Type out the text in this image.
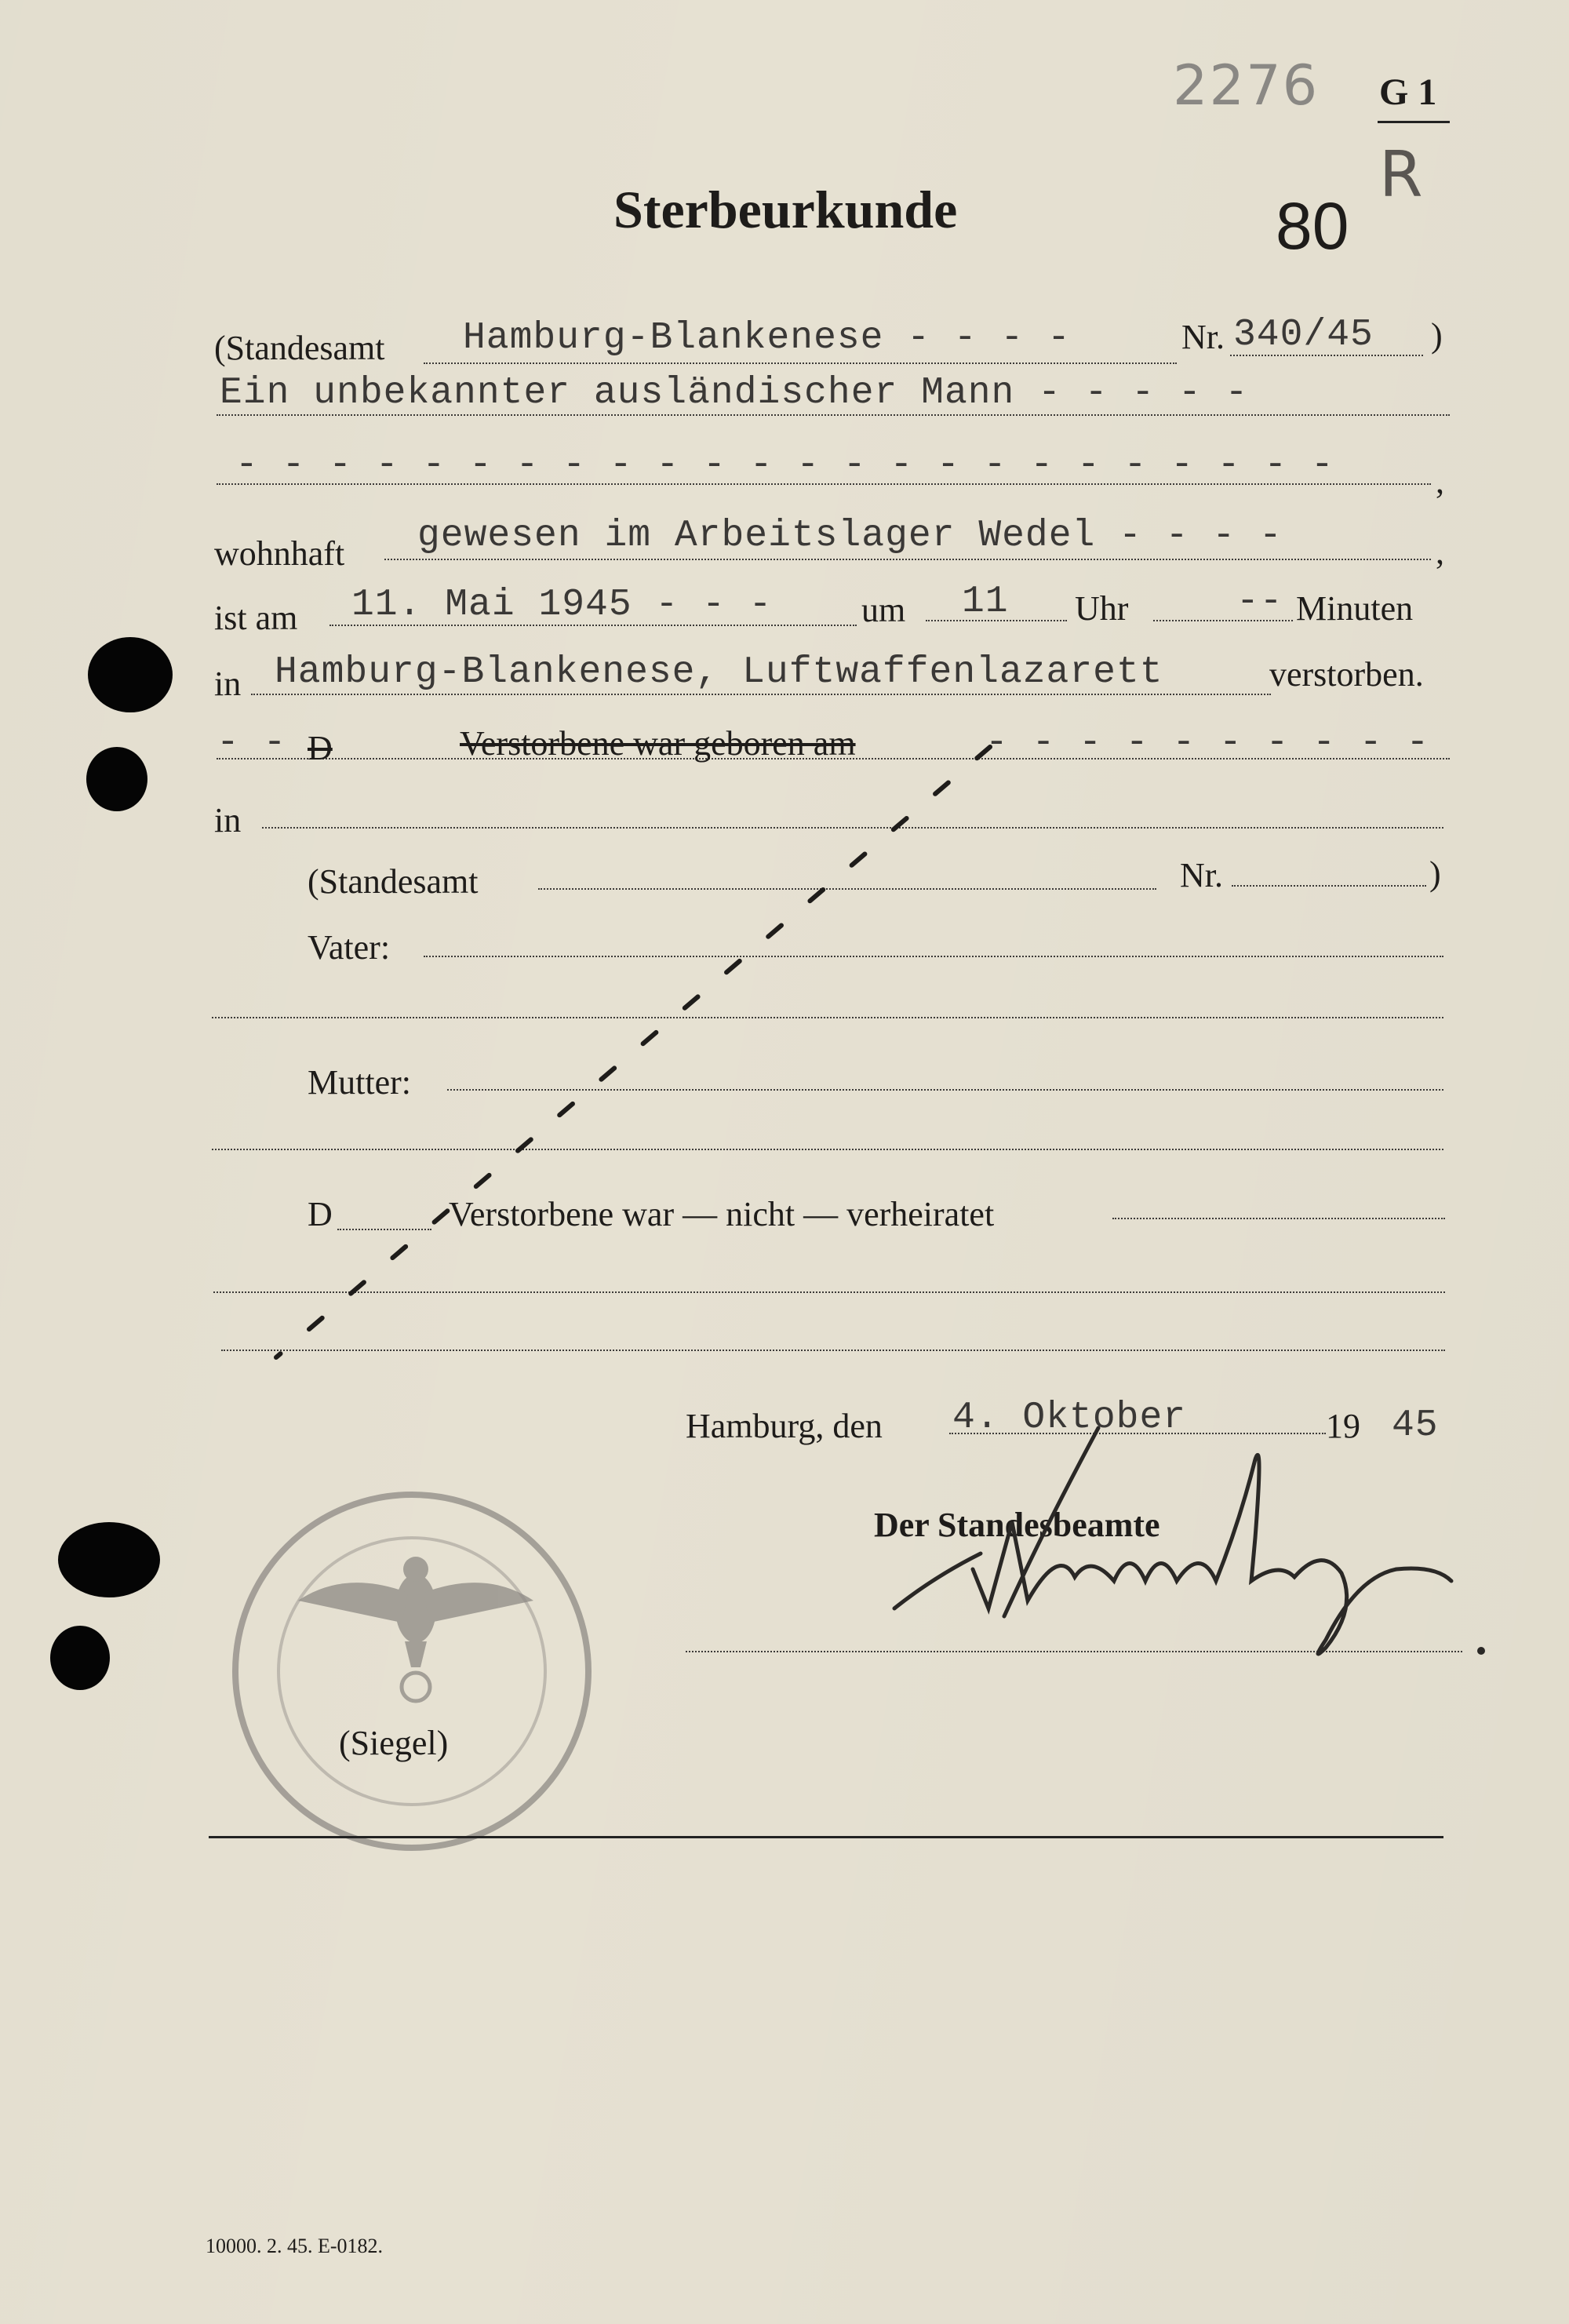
2276 G 1
R
Sterbeurkunde	80
(Standesamt Hamburg-Blankenese - - - -	Nr. 340/45 )
Ein unbekannter ausländischer Mann - - - - -
- - - - - - - - - - - - - - - - - - - - - - - -	,
wohnhaft gewesen im Arbeitslager Wedel - - - -	,
ist am 11. Mai 1945 - - -	um 11 Uhr	-- Minuten
in Hamburg-Blankenese, Luftwaffenlazarett	verstorben.
- - D	Verstorbene war geboren am	- - - - - - - - - -
in
(Standesamt	Nr.	)
Vater:
Mutter:
D	Verstorbene war — nicht — verheiratet
Hamburg, den 4. Oktober	19 45
Der Standesbeamte
(Siegel)
10000. 2. 45. E-0182.
